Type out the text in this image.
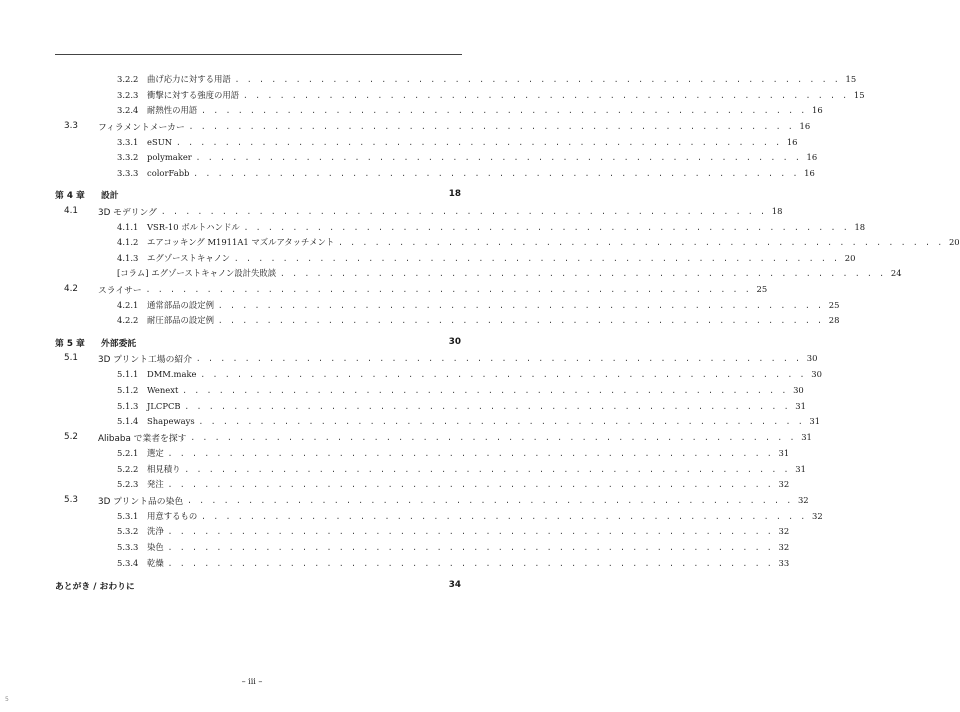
3.2.2	曲げ応力に対する用語 . . . . . . . . . . . . . . . . . . . . . . . . . . . . . . . . . . . . . . . . . . . . . . . . . . 15
3.2.3	衝撃に対する強度の用語 . . . . . . . . . . . . . . . . . . . . . . . . . . . . . . . . . . . . . . . . . . . . . . . . . . 15
3.2.4	耐熱性の用語 . . . . . . . . . . . . . . . . . . . . . . . . . . . . . . . . . . . . . . . . . . . . . . . . . . 16
3.3	フィラメントメーカー . . . . . . . . . . . . . . . . . . . . . . . . . . . . . . . . . . . . . . . . . . . . . . . . . . 16
3.3.1	eSUN . . . . . . . . . . . . . . . . . . . . . . . . . . . . . . . . . . . . . . . . . . . . . . . . . . 16
3.3.2	polymaker . . . . . . . . . . . . . . . . . . . . . . . . . . . . . . . . . . . . . . . . . . . . . . . . . . 16
3.3.3	colorFabb . . . . . . . . . . . . . . . . . . . . . . . . . . . . . . . . . . . . . . . . . . . . . . . . . . 16
第 4 章	設計	18
4.1	3D モデリング . . . . . . . . . . . . . . . . . . . . . . . . . . . . . . . . . . . . . . . . . . . . . . . . . . 18
4.1.1	VSR-10 ボルトハンドル . . . . . . . . . . . . . . . . . . . . . . . . . . . . . . . . . . . . . . . . . . . . . . . . . . 18
4.1.2	エアコッキング M1911A1 マズルアタッチメント . . . . . . . . . . . . . . . . . . . . . . . . . . . . . . . . . . . . . . . . . . . . . . . . . . 20
4.1.3	エグゾーストキャノン . . . . . . . . . . . . . . . . . . . . . . . . . . . . . . . . . . . . . . . . . . . . . . . . . . 20
[コラム] エグゾーストキャノン設計失敗談 . . . . . . . . . . . . . . . . . . . . . . . . . . . . . . . . . . . . . . . . . . . . . . . . . . 24
4.2	スライサー . . . . . . . . . . . . . . . . . . . . . . . . . . . . . . . . . . . . . . . . . . . . . . . . . . 25
4.2.1	通常部品の設定例 . . . . . . . . . . . . . . . . . . . . . . . . . . . . . . . . . . . . . . . . . . . . . . . . . . 25
4.2.2	耐圧部品の設定例 . . . . . . . . . . . . . . . . . . . . . . . . . . . . . . . . . . . . . . . . . . . . . . . . . . 28
第 5 章	外部委託	30
5.1	3D プリント工場の紹介 . . . . . . . . . . . . . . . . . . . . . . . . . . . . . . . . . . . . . . . . . . . . . . . . . . 30
5.1.1	DMM.make . . . . . . . . . . . . . . . . . . . . . . . . . . . . . . . . . . . . . . . . . . . . . . . . . . 30
5.1.2	Wenext . . . . . . . . . . . . . . . . . . . . . . . . . . . . . . . . . . . . . . . . . . . . . . . . . . 30
5.1.3	JLCPCB . . . . . . . . . . . . . . . . . . . . . . . . . . . . . . . . . . . . . . . . . . . . . . . . . . 31
5.1.4	Shapeways . . . . . . . . . . . . . . . . . . . . . . . . . . . . . . . . . . . . . . . . . . . . . . . . . . 31
5.2	Alibaba で業者を探す . . . . . . . . . . . . . . . . . . . . . . . . . . . . . . . . . . . . . . . . . . . . . . . . . . 31
5.2.1	選定 . . . . . . . . . . . . . . . . . . . . . . . . . . . . . . . . . . . . . . . . . . . . . . . . . . 31
5.2.2	相見積り . . . . . . . . . . . . . . . . . . . . . . . . . . . . . . . . . . . . . . . . . . . . . . . . . . 31
5.2.3	発注 . . . . . . . . . . . . . . . . . . . . . . . . . . . . . . . . . . . . . . . . . . . . . . . . . . 32
5.3	3D プリント品の染色 . . . . . . . . . . . . . . . . . . . . . . . . . . . . . . . . . . . . . . . . . . . . . . . . . . 32
5.3.1	用意するもの . . . . . . . . . . . . . . . . . . . . . . . . . . . . . . . . . . . . . . . . . . . . . . . . . . 32
5.3.2	洗浄 . . . . . . . . . . . . . . . . . . . . . . . . . . . . . . . . . . . . . . . . . . . . . . . . . . 32
5.3.3	染色 . . . . . . . . . . . . . . . . . . . . . . . . . . . . . . . . . . . . . . . . . . . . . . . . . . 32
5.3.4	乾燥 . . . . . . . . . . . . . . . . . . . . . . . . . . . . . . . . . . . . . . . . . . . . . . . . . . 33
あとがき / おわりに	34
– iii –
5
